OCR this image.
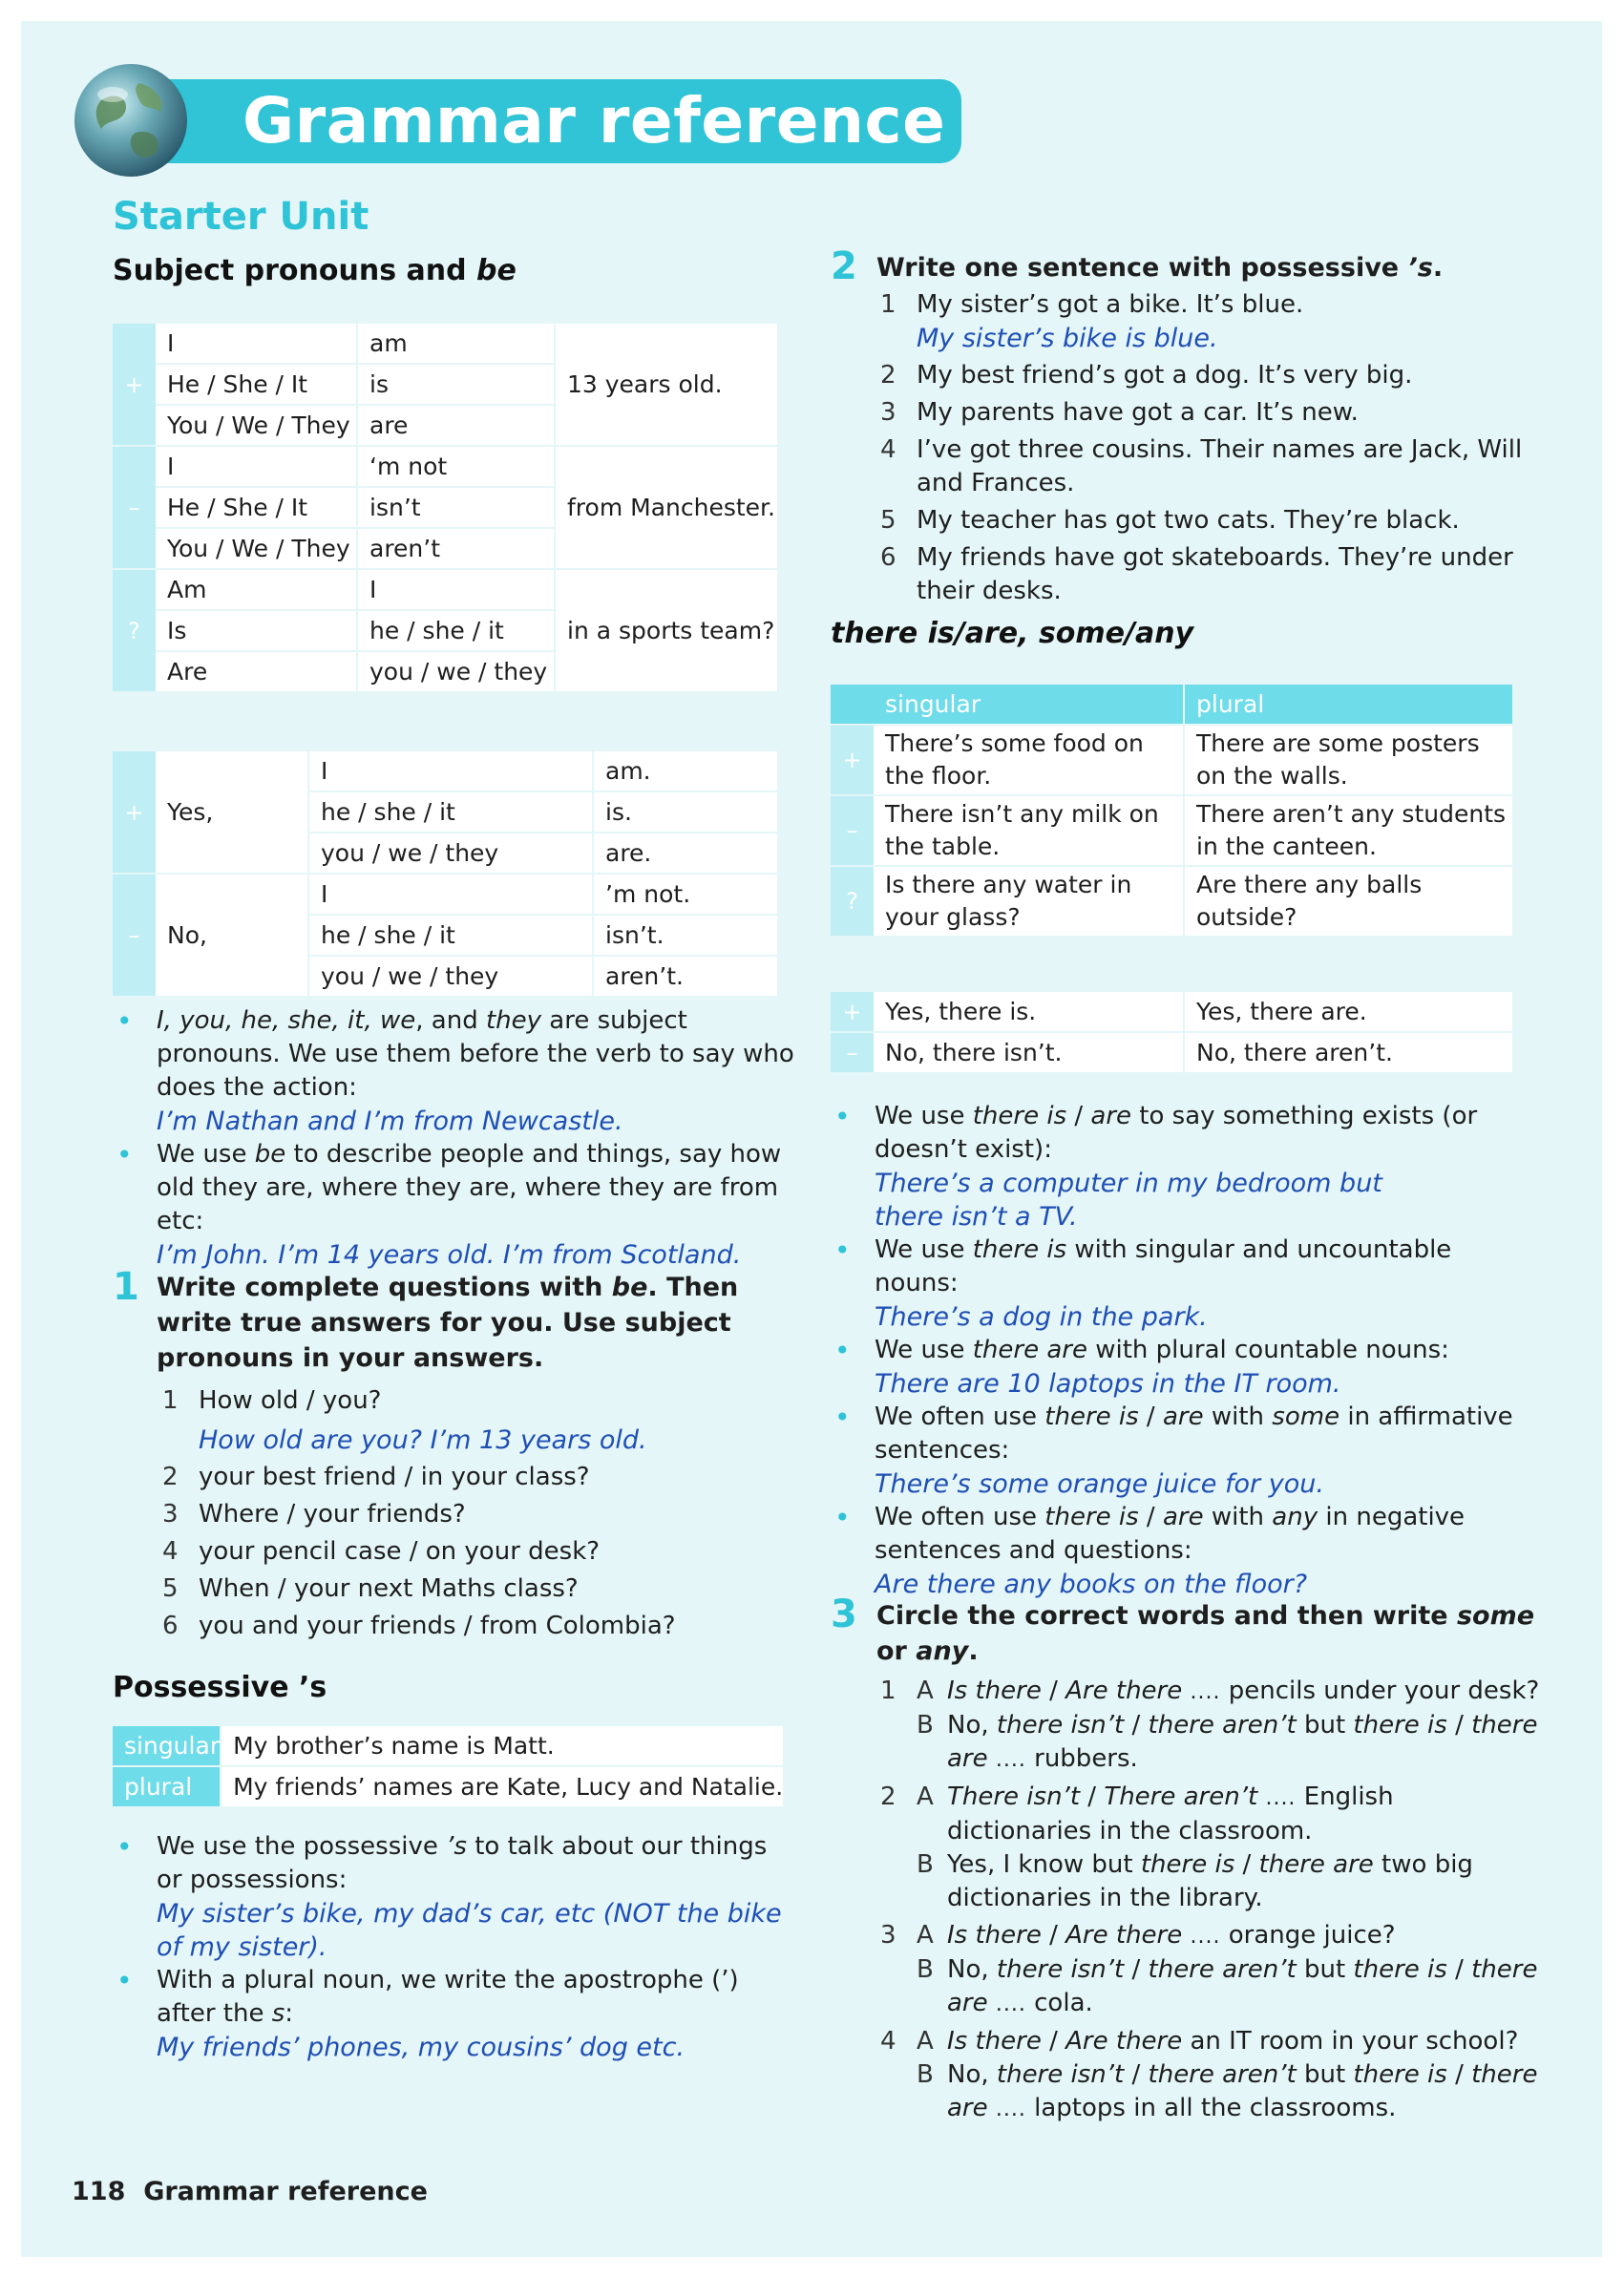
Grammar reference
Starter Unit
Subject pronouns and be
+	I	am	13 years old.
	He / She / It	is	
	You / We / They	are	
–	I	‘m not	from Manchester.
	He / She / It	isn’t	
	You / We / They	aren’t	
?	Am	I	in a sports team?
	Is	he / she / it	
	Are	you / we / they	
+	Yes,	I	am.
		he / she / it	is.
		you / we / they	are.
–	No,	I	’m not.
		he / she / it	isn’t.
		you / we / they	aren’t.
• I, you, he, she, it, we, and they are subject pronouns. We use them before the verb to say who does the action:
I’m Nathan and I’m from Newcastle.
• We use be to describe people and things, say how old they are, where they are, where they are from etc:
I’m John. I’m 14 years old. I’m from Scotland.
1 Write complete questions with be. Then write true answers for you. Use subject pronouns in your answers.
1 How old / you?
How old are you? I’m 13 years old.
2 your best friend / in your class?
3 Where / your friends?
4 your pencil case / on your desk?
5 When / your next Maths class?
6 you and your friends / from Colombia?
Possessive ’s
singular	My brother’s name is Matt.
plural	My friends’ names are Kate, Lucy and Natalie.
• We use the possessive ’s to talk about our things or possessions:
My sister’s bike, my dad’s car, etc (NOT the bike of my sister).
• With a plural noun, we write the apostrophe (’) after the s:
My friends’ phones, my cousins’ dog etc.
2 Write one sentence with possessive ’s.
1 My sister’s got a bike. It’s blue.
My sister’s bike is blue.
2 My best friend’s got a dog. It’s very big.
3 My parents have got a car. It’s new.
4 I’ve got three cousins. Their names are Jack, Will and Frances.
5 My teacher has got two cats. They’re black.
6 My friends have got skateboards. They’re under their desks.
there is/are, some/any
	singular	plural
+	There’s some food on the floor.	There are some posters on the walls.
–	There isn’t any milk on the table.	There aren’t any students in the canteen.
?	Is there any water in your glass?	Are there any balls outside?
+	Yes, there is.	Yes, there are.
–	No, there isn’t.	No, there aren’t.
• We use there is / are to say something exists (or doesn’t exist):
There’s a computer in my bedroom but there isn’t a TV.
• We use there is with singular and uncountable nouns:
There’s a dog in the park.
• We use there are with plural countable nouns:
There are 10 laptops in the IT room.
• We often use there is / are with some in affirmative sentences:
There’s some orange juice for you.
• We often use there is / are with any in negative sentences and questions:
Are there any books on the floor?
3 Circle the correct words and then write some or any.
1 A Is there / Are there .... pencils under your desk?
B No, there isn’t / there aren’t but there is / there are .... rubbers.
2 A There isn’t / There aren’t .... English dictionaries in the classroom.
B Yes, I know but there is / there are two big dictionaries in the library.
3 A Is there / Are there .... orange juice?
B No, there isn’t / there aren’t but there is / there are .... cola.
4 A Is there / Are there an IT room in your school?
B No, there isn’t / there aren’t but there is / there are .... laptops in all the classrooms.
118 Grammar reference
